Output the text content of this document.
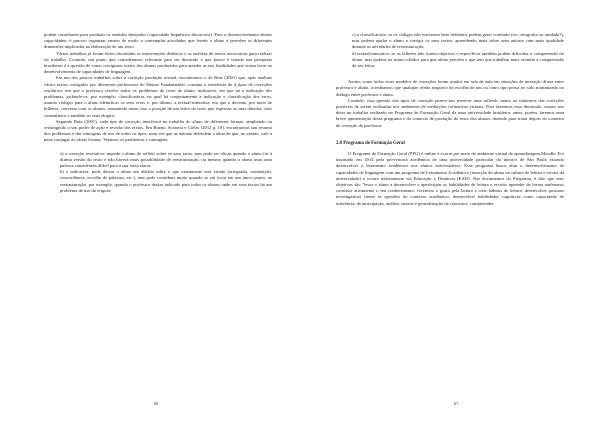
podem contribuem para produzir os sentidos desejados (capacidade linguístico-discursiva). Para o desenvolvimento dessas capacidades, é preciso organizar ensino de modo a contemplar atividades que levem o aluno a perceber as diferentes dimensões implicadas na elaboração de um texto.

Vários trabalhos já foram feitos discutindo as intervenções didáticas e as análises de textos necessárias para realizar tal trabalho. Contudo, um ponto que consideramos relevante para ser discutido e que pouco é tratado nas pesquisas brasileiras é a questão de como corrigimos textos dos alunos produzidos para atender as tais finalidades que visam levar ao desenvolvimento de capacidades de linguagem.

Em um dos poucos trabalhos sobre a correção produção textual, encontramos o de Ruiz (2001) que, após analisar vários textos corrigidos por diferentes professores do Ensino Fundamental, constata a existência de 4 tipos de correções resolutiva, em que o professor resolve todos os problemas do texto do aluno; indicativa, em que há a indicação dos problemas, grifando-os, por exemplo; classificatória, na qual há conjuntamente a indicação e classificação dos erros, usando códigos para o aluno identificar os seus erros e, por último, a textual-interativa, em que o docente, por meio de bilhetes, conversa com os alunos, assumindo neste caso a posição de um leitor do texto que expressa as suas dúvidas, seus comentários e também os seus elogios.

Segundo Ruiz (2001), cada tipo de correção interferirá no trabalho do aluno de diferentes formas, ampliando ou restringindo o seu poder de ação e revisão dos textos. Em Bueno, Scarassi e Cielas (2012 p. 19), encontramos um resumo dos problemas e das vantagens de uso de todos os tipos, uma vez que as autoras defendem a ideia de que, no ensino, vale a pena conjugar as várias formas. Vejamos os problemas e vantagens:

a) a correção resolutiva: impede o aluno de refletir sobre os seus erros, mas pode ser eficaz quando o aluno for à última versão do texto e não haverá mais possibilidade de reestruturação, ou mesmo quando o aluno usou uma palavra considerada difícil para a sua faixa etária;

b) a indicativa: pode deixar o aluno em dúvida sobre o que exatamente está errado (ortografia, acentuação, concordância, escolha de palavras, etc.), mas pode contribuir muito quando se vai focar em um único ponto, na reestruturação, por exemplo, quando o professor deixar indicado para todos os alunos onde em seus textos há um problema de uso da vírgula;

68

c) a classificatória: se os códigos não estiverem bem definidos podem gerar confusão (ex: ortografia ou unidade?), mas podem ajudar o aluno a corrigir os seus textos, aprendendo mais sobre uma autoria com mais qualidade durante as atividades de reestruturação;

d) textual-interativa: se os bilhetes não forem objetivos e específicos também podem dificultar a compreensão do aluno, mas podem ser muito válidos para que aluno perceba o que tem que trabalhar mais visando à compreensão de seu leitor.

Assim, como todos esses modelos de correções foram usados em sala de aula em situações de interação direta entre professor e aluno, acreditamos que qualquer efeito negativo da escolha de um ou outro tipo possa ter sido minimizado no diálogo entre professor e aluno.

Contudo, essa questão dos tipos de correção parece-nos merecer uma reflexão maior ao tratarmos das correções possíveis de serem realizadas nos ambientes de mediações formativas virtuais. Para fazermos essa discussão, vamos nos deter no trabalho realizado no Programa de Formação Geral da uma universidade brasileira; antes, porém, faremos uma breve apresentação desse programa e do contexto de produção do texto dos alunos, dizendo para tratar depois do contexto de correção do professor.

2.0 Programa de Formação Geral

O Programa de Formação Geral (PFG) é online e ocorre por meio do ambiente virtual de aprendizagem Moodle. Foi instituído em 2014 pela pró-reitoria acadêmica de uma universidade particular do interior de São Paulo visando desenvolver o letramento acadêmico nos alunos universitários. Esse programa busca aliar o desenvolvimento de capacidades de linguagem com um programa de Letramento Acadêmico (inserção do aluno na cultura de leitura e escrita da universidade) e ocorre inteiramente via Educação a Distância (EAD). Nos documentos do Programa, é dito que seus objetivos são "levar o aluno a desenvolver e aperfeiçoar as habilidades de leitura e escrita; aprender de forma autônoma; construir ativamente o seu conhecimento; vivenciar o gosto pela leitura e criar hábitos de leitura; desenvolver posturas investigativas frente às questões do contexto acadêmico; desenvolver habilidades cognitivas como capacidade de inferência, de antecipação, análise, síntese e generalização de conceitos; compreender

67
